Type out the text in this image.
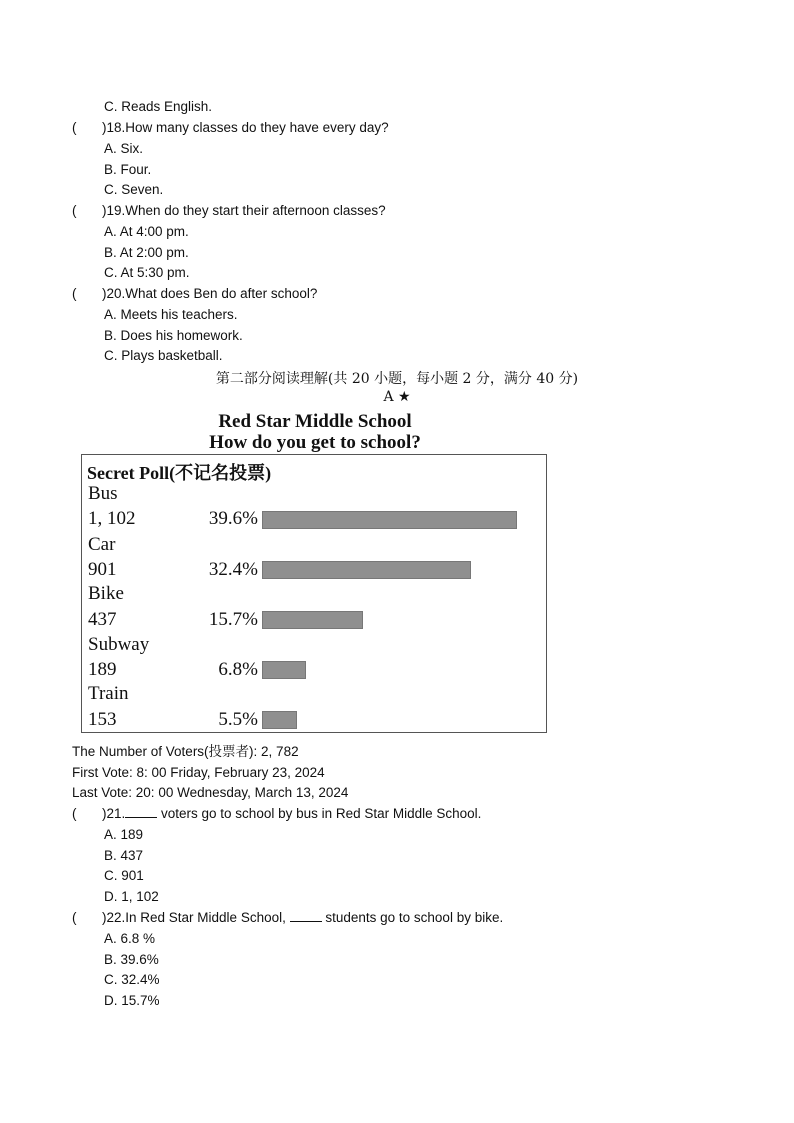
C. Reads English.
( )18.How many classes do they have every day?
A. Six.
B. Four.
C. Seven.
( )19.When do they start their afternoon classes?
A. At 4:00 pm.
B. At 2:00 pm.
C. At 5:30 pm.
( )20.What does Ben do after school?
A. Meets his teachers.
B. Does his homework.
C. Plays basketball.
第二部分阅读理解(共 20 小题，每小题 2 分，满分 40 分)
A ★
Red Star Middle School
How do you get to school?
Secret Poll(不记名投票)
Bus
1, 102	39.6%
Car
901	32.4%
Bike
437	15.7%
Subway
189	6.8%
Train
153	5.5%
The Number of Voters(投票者): 2, 782
First Vote: 8: 00 Friday, February 23, 2024
Last Vote: 20: 00 Wednesday, March 13, 2024
( )21. voters go to school by bus in Red Star Middle School.
A. 189
B. 437
C. 901
D. 1, 102
( )22.In Red Star Middle School,  students go to school by bike.
A. 6.8 %
B. 39.6%
C. 32.4%
D. 15.7%
